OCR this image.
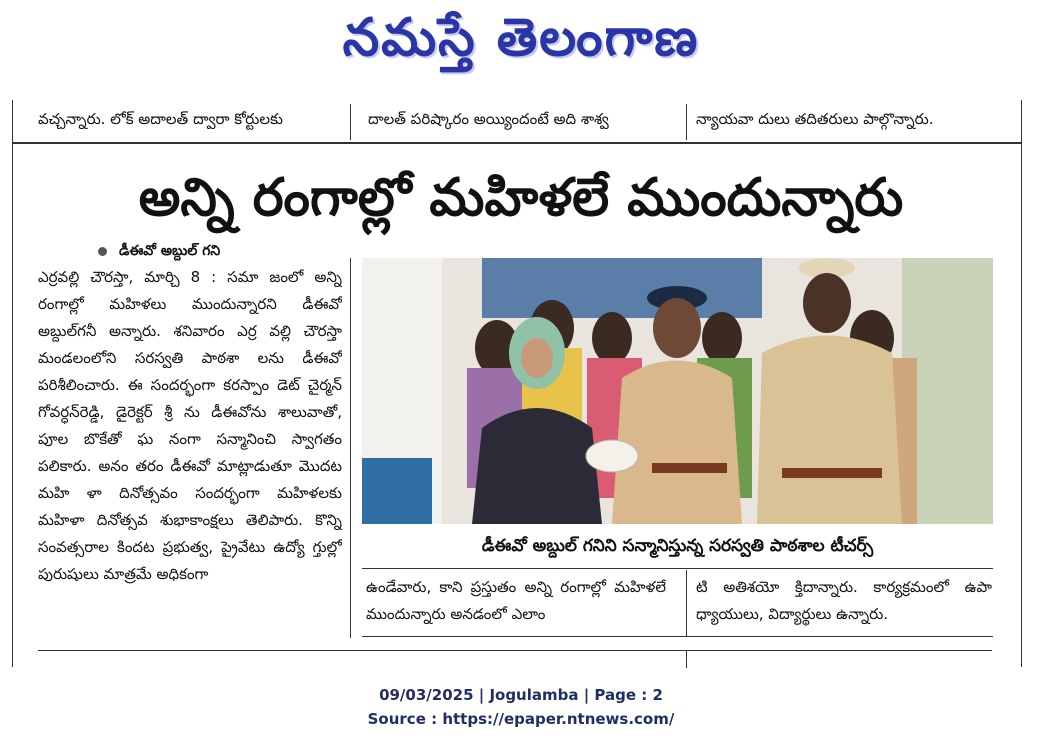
నమస్తే తెలంగాణ
వచ్చన్నారు. లోక్ అదాలత్ ద్వారా కోర్టులకు	దాలత్ పరిష్కారం అయ్యిందంటే అది శాశ్వ	న్యాయవా దులు తదితరులు పాల్గొన్నారు.
అన్ని రంగాల్లో మహిళలే ముందున్నారు
డీఈవో అబ్దుల్ గని
ఎర్రవల్లి చౌరస్తా, మార్చి 8 : సమా జంలో అన్ని రంగాల్లో మహిళలు ముందున్నారని డీఈవో అబ్దుల్‌గనీ అన్నారు. శనివారం ఎర్ర వల్లి చౌరస్తా మండలంలోని సరస్వతి పాఠశా లను డీఈవో పరిశీలించారు. ఈ సందర్భంగా కరస్పాం డెట్ చైర్మన్ గోవర్ధన్‌రెడ్డి, డైరెక్టర్ శ్రీ ను డీఈవోను శాలువాతో, పూల బొకేతో ఘ నంగా సన్మానించి స్వాగతం పలికారు. అనం తరం డీఈవో మాట్లాడుతూ మొదట మహి ళా దినోత్సవం సందర్భంగా మహిళలకు మహిళా దినోత్సవ శుభాకాంక్షలు తెలిపారు. కొన్ని సంవత్సరాల కిందట ప్రభుత్వ, ప్రైవేటు ఉద్యో గ్తుల్లో పురుషులు మాత్రమే అధికంగా
డీఈవో అబ్దుల్ గనిని సన్మానిస్తున్న సరస్వతి పాఠశాల టీచర్స్
ఉండేవారు, కాని ప్రస్తుతం అన్ని రంగాల్లో మహిళలే ముందున్నారు అనడంలో ఎలాం
టి అతిశయో క్తిదాన్నారు. కార్యక్రమంలో ఉపా ధ్యాయులు, విద్యార్థులు ఉన్నారు.
09/03/2025 | Jogulamba | Page : 2
Source : https://epaper.ntnews.com/
